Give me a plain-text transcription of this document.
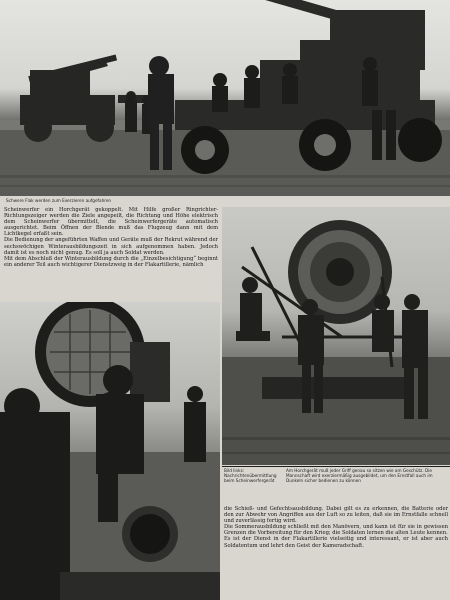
Schwere Flak werden zum Exerzieren aufgefahren

Scheinwerfer ein Horchgerät gekoppelt. Mit Hilfe großer Ringrichter-Richtungszeiger werden die Ziele angepeilt, die Richtung und Höhe elektrisch dem Scheinwerfer übermittelt, die Scheinwerfergeräte automatisch ausgerichtet. Beim Öffnen der Blende muß das Flugzeug dann mit dem Lichtkegel erfaßt sein.

Die Bedienung der angeführten Waffen und Geräte muß der Rekrut während der sechswöchigen Winterausbildungszeit in sich aufgenommen haben. Jedoch damit ist es noch nicht genug. Es soll ja auch Soldat werden.

Mit dem Abschluß der Winterausbildung durch die „Einzelbesichtigung“ beginnt ein anderer Teil auch wichtigerer Dienstzweig in der Flakartillerie, nämlich

Bild links: Nachrichtenübermittlung beim Scheinwerfergerät
Am Horchgerät muß jeder Griff genau so sitzen wie am Geschütz. Die Mannschaft wird exerziermäßig ausgebildet, um den Ernstfall auch im Dunkeln sicher bedienen zu können

die Schieß- und Gefechtsausbildung. Dabei gilt es zu erkennen, die Batterie oder den zur Abwehr von Angriffen aus der Luft so zu leiten, daß sie im Ernstfalle schnell und zuverlässig fertig wird.

Die Sommerausbildung schließt mit den Manövern, und kann ist für sie in gewissen Grenzen die Vorbereitung für den Krieg; die Soldaten lernen die alten Leute kennen.

Es ist der Dienst in der Flakartillerie vielseitig und interessant, er ist aber auch Soldatentum und lehrt den Geist der Kameradschaft.
